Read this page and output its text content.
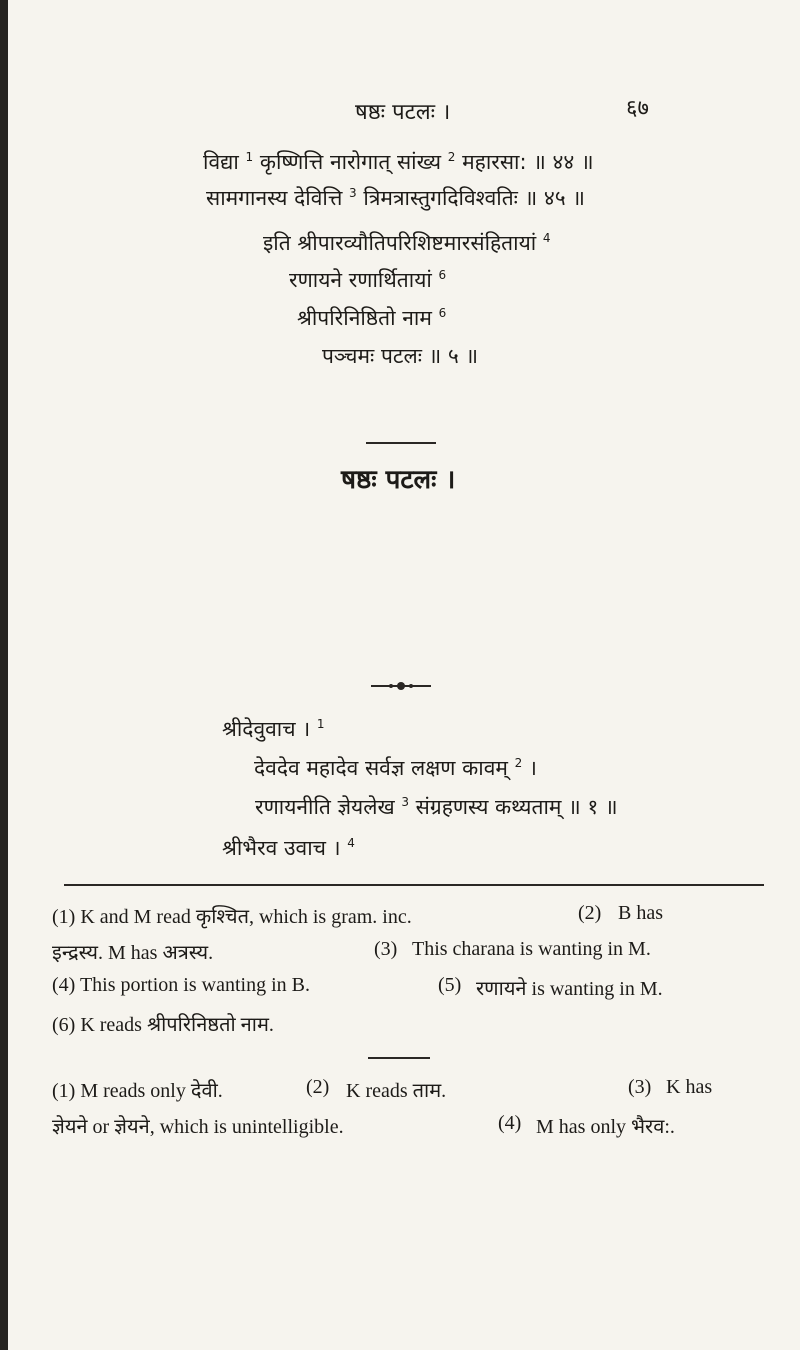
षष्ठः पटलः ।	६७
विद्या $^1$ कृष्णित्ति नारोगात् सांख्य $^2$ महारसा: ॥ ४४ ॥
सामगानस्य देवित्ति $^3$ त्रिमत्रास्तुगदिविश्वतिः ॥ ४५ ॥
इति श्रीपारव्यौतिपरिशिष्टमारसंहितायां $^4$
रणायने रणार्थितायां $^6$
श्रीपरिनिष्ठितो नाम $^6$
पञ्चमः पटलः ॥ ५ ॥
षष्ठः पटलः ।
श्रीदेवुवाच । $^1$
देवदेव महादेव सर्वज्ञ लक्षण कावम् $^2$ ।
रणायनीति ज्ञेयलेख $^3$ संग्रहणस्य कथ्यताम् ॥ १ ॥
श्रीभैरव उवाच । $^4$
(1) K and M read कृश्चित, which is gram. inc.	(2) B has
इन्द्रस्य. M has अत्रस्य.	(3) This charana is wanting in M.
(4) This portion is wanting in B.	(5) रणायने is wanting in M.
(6) K reads श्रीपरिनिष्ठतो नाम.
(1) M reads only देवी.	(2) K reads ताम.	(3) K has
ज्ञेयने or ज्ञेयने, which is unintelligible.	(4) M has only भैरव:.
